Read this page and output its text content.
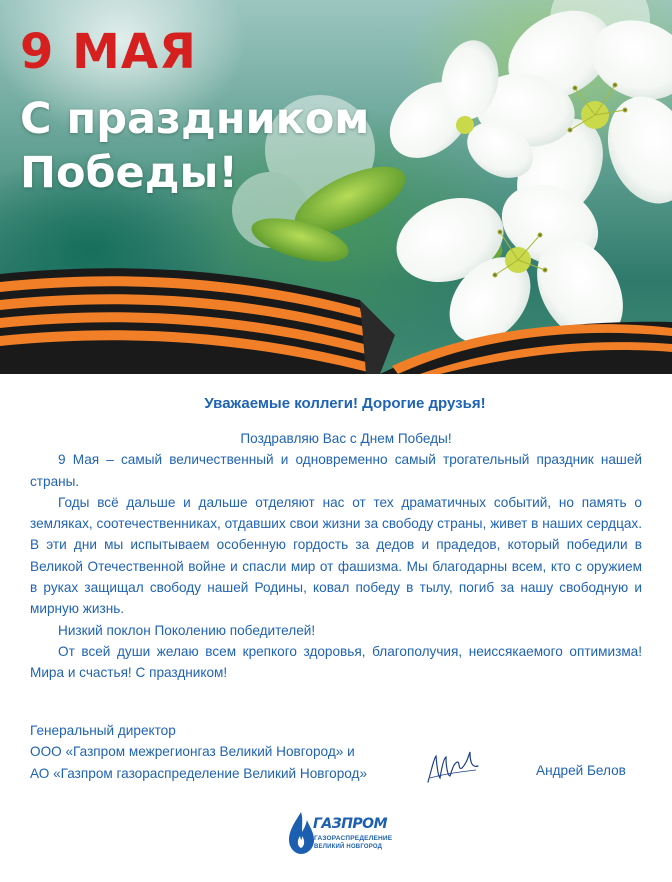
9 МАЯ
С праздником Победы!
Уважаемые коллеги! Дорогие друзья!

Поздравляю Вас с Днем Победы!

9 Мая – самый величественный и одновременно самый трогательный праздник нашей страны.

Годы всё дальше и дальше отделяют нас от тех драматичных событий, но память о земляках, соотечественниках, отдавших свои жизни за свободу страны, живет в наших сердцах. В эти дни мы испытываем особенную гордость за дедов и прадедов, который победили в Великой Отечественной войне и спасли мир от фашизма. Мы благодарны всем, кто с оружием в руках защищал свободу нашей Родины, ковал победу в тылу, погиб за нашу свободную и мирную жизнь.

Низкий поклон Поколению победителей!

От всей души желаю всем крепкого здоровья, благополучия, неиссякаемого оптимизма! Мира и счастья! С праздником!

Генеральный директор
ООО «Газпром межрегионгаз Великий Новгород» и
АО «Газпром газораспределение Великий Новгород»	Андрей Белов
ГАЗПРОМ
ГАЗОРАСПРЕДЕЛЕНИЕ
ВЕЛИКИЙ НОВГОРОД
